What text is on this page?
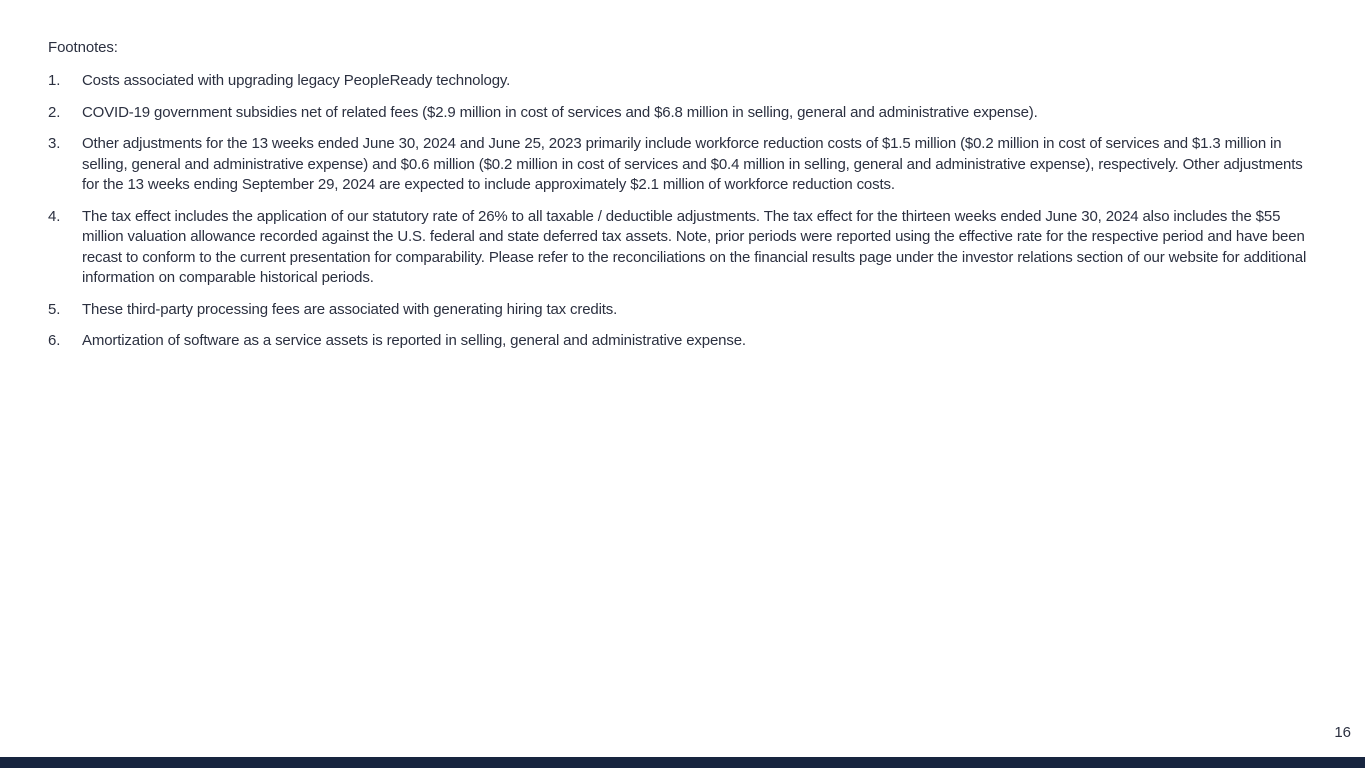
Footnotes:
1.	Costs associated with upgrading legacy PeopleReady technology.
2.	COVID-19 government subsidies net of related fees ($2.9 million in cost of services and $6.8 million in selling, general and administrative expense).
3.	Other adjustments for the 13 weeks ended June 30, 2024 and June 25, 2023 primarily include workforce reduction costs of $1.5 million ($0.2 million in cost of services and $1.3 million in selling, general and administrative expense) and $0.6 million ($0.2 million in cost of services and $0.4 million in selling, general and administrative expense), respectively. Other adjustments for the 13 weeks ending September 29, 2024 are expected to include approximately $2.1 million of workforce reduction costs.
4.	The tax effect includes the application of our statutory rate of 26% to all taxable / deductible adjustments. The tax effect for the thirteen weeks ended June 30, 2024 also includes the $55 million valuation allowance recorded against the U.S. federal and state deferred tax assets. Note, prior periods were reported using the effective rate for the respective period and have been recast to conform to the current presentation for comparability. Please refer to the reconciliations on the financial results page under the investor relations section of our website for additional information on comparable historical periods.
5.	These third-party processing fees are associated with generating hiring tax credits.
6.	Amortization of software as a service assets is reported in selling, general and administrative expense.
16
